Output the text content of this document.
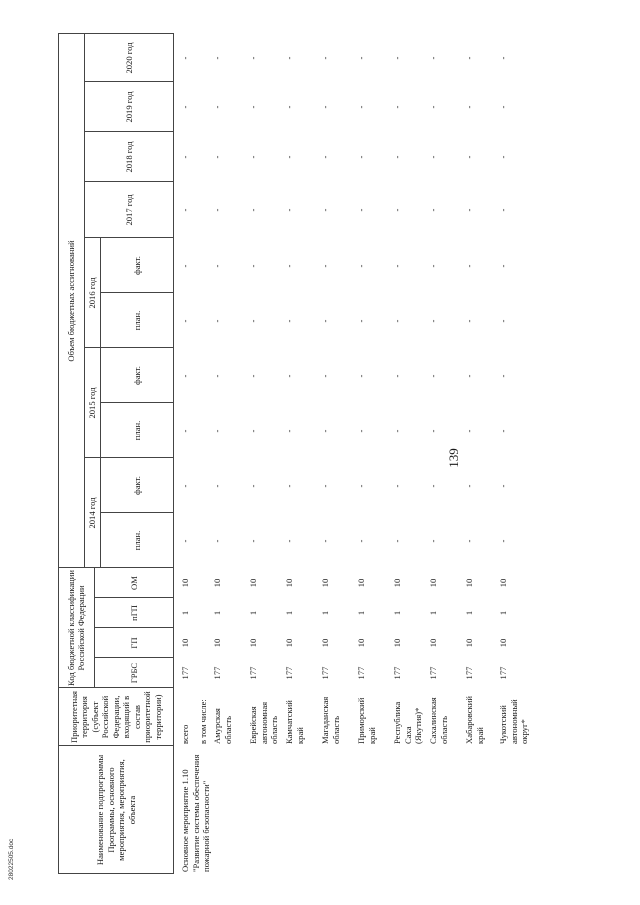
139
Наименование подпрограммы Программы, основного мероприятия, мероприятия, объекта
Приоритетная территория (субъект Российской Федерации, входящий в состав приоритетной территории)
Код бюджетной классификации Российской Федерации
ГРБС
ГП
пГП
ОМ
Объем бюджетных ассигнований
2014 год
план.
факт.
2015 год
план.
факт.
2016 год
план.
факт.
2017 год
2018 год
2019 год
2020 год
Основное мероприятие 1.10 "Развитие системы обеспечения пожарной безопасности"
всего
177
10
1
10
-
-
-
-
-
-
-
-
-
-
в том числе: Амурская область
177
10
1
10
-
-
-
-
-
-
-
-
-
-
Еврейская автономная область
177
10
1
10
-
-
-
-
-
-
-
-
-
-
Камчатский край
177
10
1
10
-
-
-
-
-
-
-
-
-
-
Магаданская область
177
10
1
10
-
-
-
-
-
-
-
-
-
-
Приморский край
177
10
1
10
-
-
-
-
-
-
-
-
-
-
Республика Саха (Якутия)*
177
10
1
10
-
-
-
-
-
-
-
-
-
-
Сахалинская область
177
10
1
10
-
-
-
-
-
-
-
-
-
-
Хабаровский край
177
10
1
10
-
-
-
-
-
-
-
-
-
-
Чукотский автономный округ*
177
10
1
10
-
-
-
-
-
-
-
-
-
-
28022505.doc
